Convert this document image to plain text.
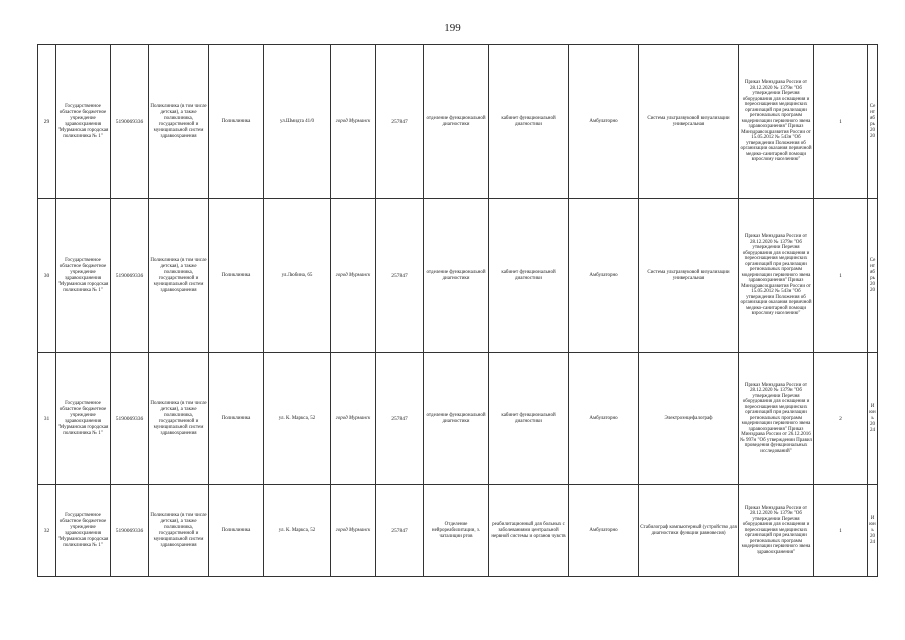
199
29	Государственное областное бюджетное учреждение здравоохранения "Мурманская городская поликлиника № 1"	5190069336	Поликлиника (в том числе детская), а также поликлиника, государственной и муниципальной систем здравоохранения	Поликлиника	ул.Шмидта 41/0	город Мурманск	257847	отделение функциональной диагностики	кабинет функциональной диагностики	Амбулаторно	Система ультразвуковой визуализации универсальная	Приказ Минздрава России от 28.12.2020 № 1379н "Об утверждении Перечня оборудования для оснащения и переоснащения медицинских организаций при реализации региональных программ модернизации первичного звена здравоохранения" Приказ Минздравсоцразвития России от 15.05.2012 № 543н "Об утверждении Положения об организации оказания первичной медико-санитарной помощи взрослому населению"	1	Сентябрь 2020
30	Государственное областное бюджетное учреждение здравоохранения "Мурманская городская поликлиника № 1"	5190069336	Поликлиника (в том числе детская), а также поликлиника, государственной и муниципальной систем здравоохранения	Поликлиника	ул.Любина, 65	город Мурманск	257847	отделение функциональной диагностики	кабинет функциональной диагностики	Амбулаторно	Система ультразвуковой визуализации универсальная	Приказ Минздрава России от 28.12.2020 № 1379н "Об утверждении Перечня оборудования для оснащения и переоснащения медицинских организаций при реализации региональных программ модернизации первичного звена здравоохранения" Приказ Минздравсоцразвития России от 15.05.2012 № 543н "Об утверждении Положения об организации оказания первичной медико-санитарной помощи взрослому населению"	1	Сентябрь 2020
31	Государственное областное бюджетное учреждение здравоохранения "Мурманская городская поликлиника № 1"	5190069336	Поликлиника (в том числе детская), а также поликлиника, государственной и муниципальной систем здравоохранения	Поликлиника	ул. К. Маркса, 52	город Мурманск	257847	отделение функциональной диагностики	кабинет функциональной диагностики	Амбулаторно	Электроэнцефалограф	Приказ Минздрава России от 28.12.2020 № 1379н "Об утверждении Перечня оборудования для оснащения и переоснащения медицинских организаций при реализации региональных программ модернизации первичного звена здравоохранения" Приказ Минздрава России от 26.12.2016 № 997н "Об утверждении Правил проведения функциональных исследований"	2	Июнь 2024
32	Государственное областное бюджетное учреждение здравоохранения "Мурманская городская поликлиника № 1"	5190069336	Поликлиника (в том числе детская), а также поликлиника, государственной и муниципальной систем здравоохранения	Поликлиника	ул. К. Маркса, 52	город Мурманск	257847	Отделение нейрореабилитации, з. чаталиции ртов	реабилитационный для больных с заболеваниями центральной нервной системы и органов чувств	Амбулаторно	Стабилограф компьютерный (устройство для диагностики функции равновесия)	Приказ Минздрава России от 28.12.2020 № 1379н "Об утверждении Перечня оборудования для оснащения и переоснащения медицинских организаций при реализации региональных программ модернизации первичного звена здравоохранения"	1	Июнь 2024
